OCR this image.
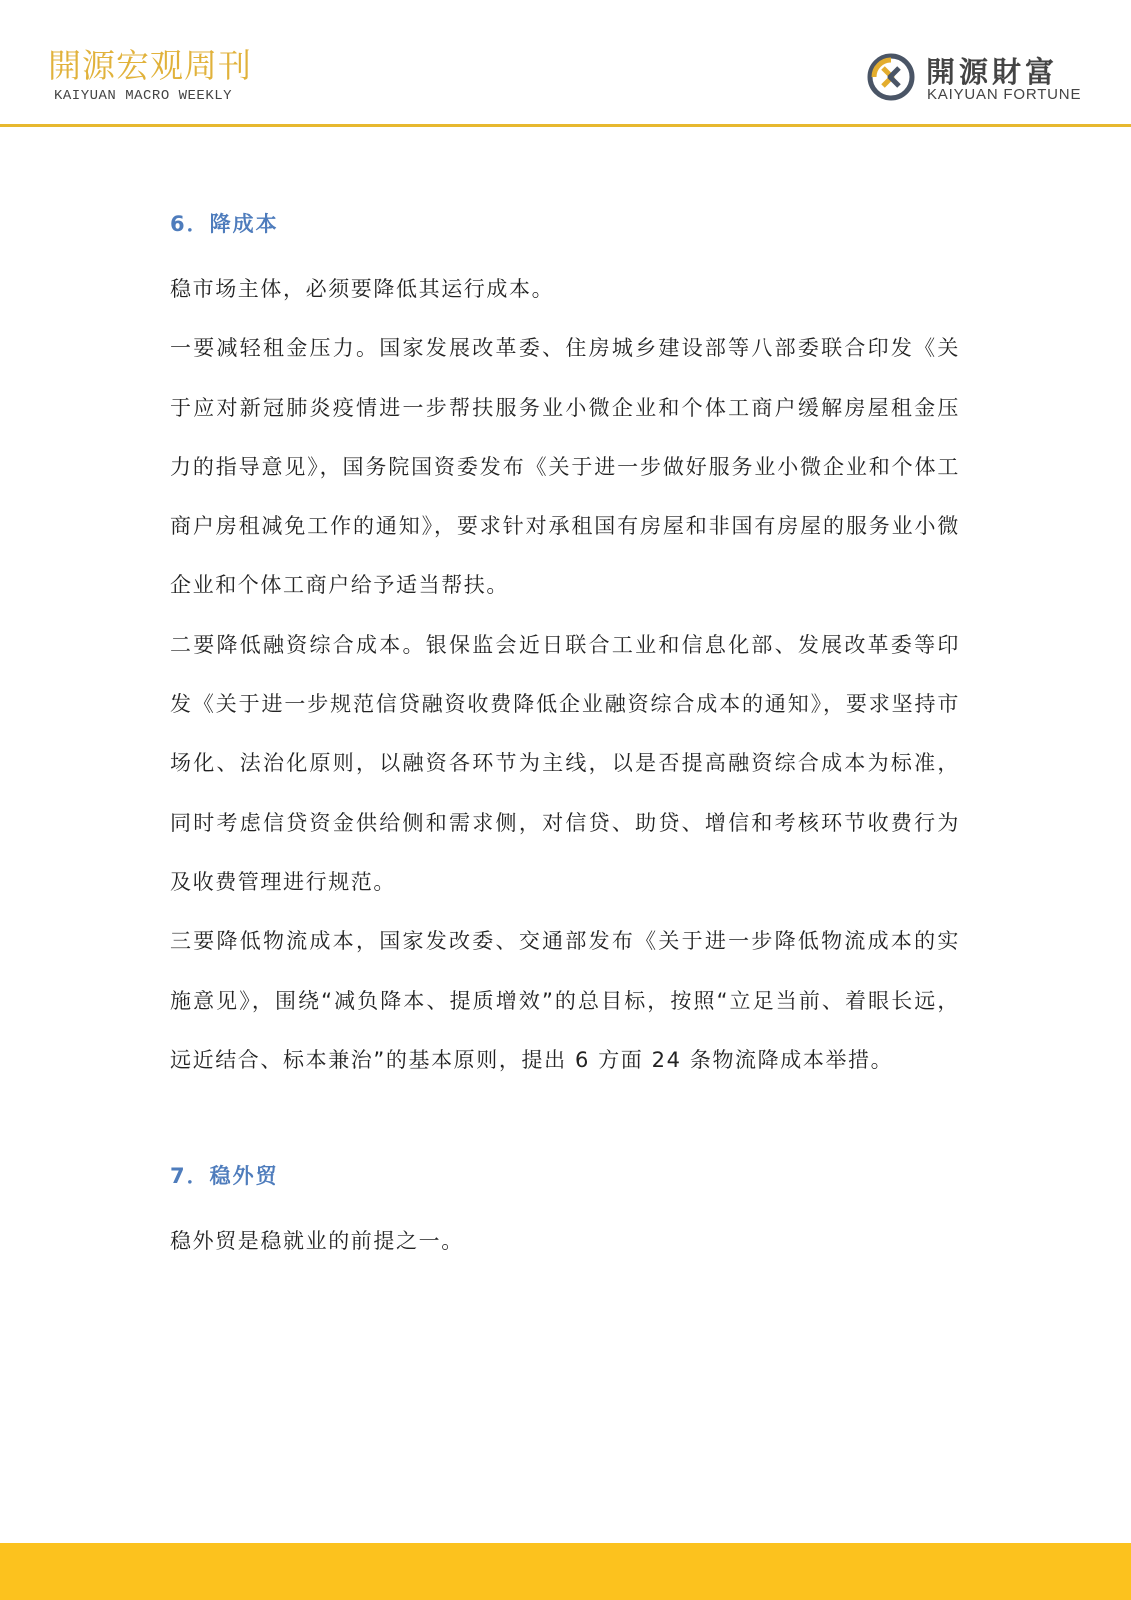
開源宏观周刊
KAIYUAN MACRO WEEKLY
開源財富
KAIYUAN FORTUNE
6．降成本

稳市场主体，必须要降低其运行成本。

一要减轻租金压力。国家发展改革委、住房城乡建设部等八部委联合印发《关于应对新冠肺炎疫情进一步帮扶服务业小微企业和个体工商户缓解房屋租金压力的指导意见》，国务院国资委发布《关于进一步做好服务业小微企业和个体工商户房租减免工作的通知》，要求针对承租国有房屋和非国有房屋的服务业小微企业和个体工商户给予适当帮扶。

二要降低融资综合成本。银保监会近日联合工业和信息化部、发展改革委等印发《关于进一步规范信贷融资收费降低企业融资综合成本的通知》，要求坚持市场化、法治化原则，以融资各环节为主线，以是否提高融资综合成本为标准，同时考虑信贷资金供给侧和需求侧，对信贷、助贷、增信和考核环节收费行为及收费管理进行规范。

三要降低物流成本，国家发改委、交通部发布《关于进一步降低物流成本的实施意见》，围绕“减负降本、提质增效”的总目标，按照“立足当前、着眼长远，远近结合、标本兼治”的基本原则，提出 6 方面 24 条物流降成本举措。

7．稳外贸

稳外贸是稳就业的前提之一。
